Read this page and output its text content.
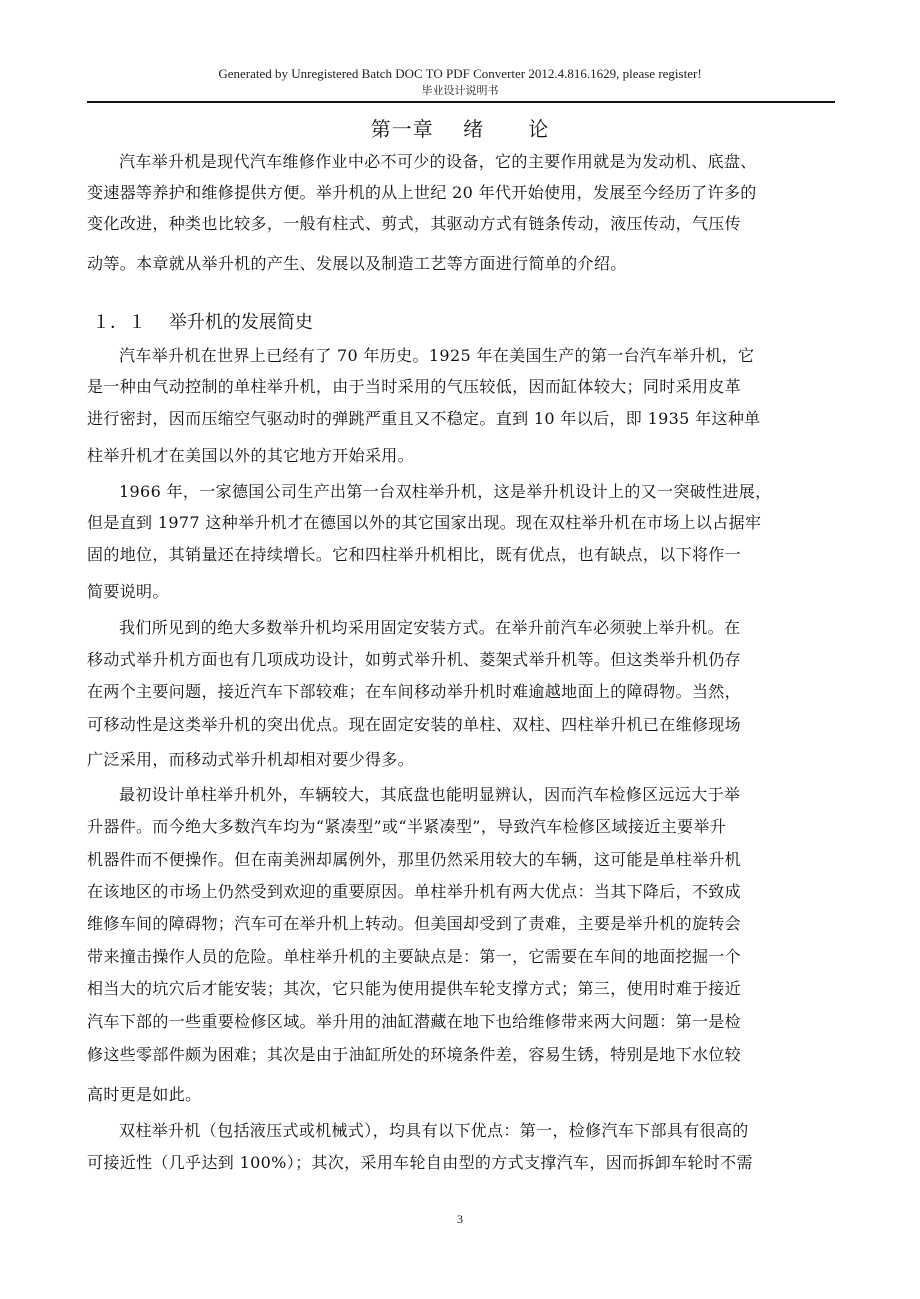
Generated by Unregistered Batch DOC TO PDF Converter 2012.4.816.1629, please register!
毕业设计说明书
第一章    绪      论
汽车举升机是现代汽车维修作业中必不可少的设备，它的主要作用就是为发动机、底盘、
变速器等养护和维修提供方便。举升机的从上世纪 20 年代开始使用，发展至今经历了许多的
变化改进，种类也比较多，一般有柱式、剪式，其驱动方式有链条传动，液压传动，气压传
动等。本章就从举升机的产生、发展以及制造工艺等方面进行简单的介绍。
１．１ 举升机的发展简史
汽车举升机在世界上已经有了 70 年历史。1925 年在美国生产的第一台汽车举升机，它
是一种由气动控制的单柱举升机，由于当时采用的气压较低，因而缸体较大；同时采用皮革
进行密封，因而压缩空气驱动时的弹跳严重且又不稳定。直到 10 年以后，即 1935 年这种单
柱举升机才在美国以外的其它地方开始采用。
1966 年，一家德国公司生产出第一台双柱举升机，这是举升机设计上的又一突破性进展，
但是直到 1977 这种举升机才在德国以外的其它国家出现。现在双柱举升机在市场上以占据牢
固的地位，其销量还在持续增长。它和四柱举升机相比，既有优点，也有缺点，以下将作一
简要说明。
我们所见到的绝大多数举升机均采用固定安装方式。在举升前汽车必须驶上举升机。在
移动式举升机方面也有几项成功设计，如剪式举升机、菱架式举升机等。但这类举升机仍存
在两个主要问题，接近汽车下部较难；在车间移动举升机时难逾越地面上的障碍物。当然，
可移动性是这类举升机的突出优点。现在固定安装的单柱、双柱、四柱举升机已在维修现场
广泛采用，而移动式举升机却相对要少得多。
最初设计单柱举升机外，车辆较大，其底盘也能明显辨认，因而汽车检修区远远大于举
升器件。而今绝大多数汽车均为“紧凑型”或“半紧凑型”，导致汽车检修区域接近主要举升
机器件而不便操作。但在南美洲却属例外，那里仍然采用较大的车辆，这可能是单柱举升机
在该地区的市场上仍然受到欢迎的重要原因。单柱举升机有两大优点：当其下降后，不致成
维修车间的障碍物；汽车可在举升机上转动。但美国却受到了责难，主要是举升机的旋转会
带来撞击操作人员的危险。单柱举升机的主要缺点是：第一，它需要在车间的地面挖掘一个
相当大的坑穴后才能安装；其次，它只能为使用提供车轮支撑方式；第三，使用时难于接近
汽车下部的一些重要检修区域。举升用的油缸潜藏在地下也给维修带来两大问题：第一是检
修这些零部件颇为困难；其次是由于油缸所处的环境条件差，容易生锈，特别是地下水位较
高时更是如此。
双柱举升机（包括液压式或机械式），均具有以下优点：第一，检修汽车下部具有很高的
可接近性（几乎达到 100%）；其次，采用车轮自由型的方式支撑汽车，因而拆卸车轮时不需
3
